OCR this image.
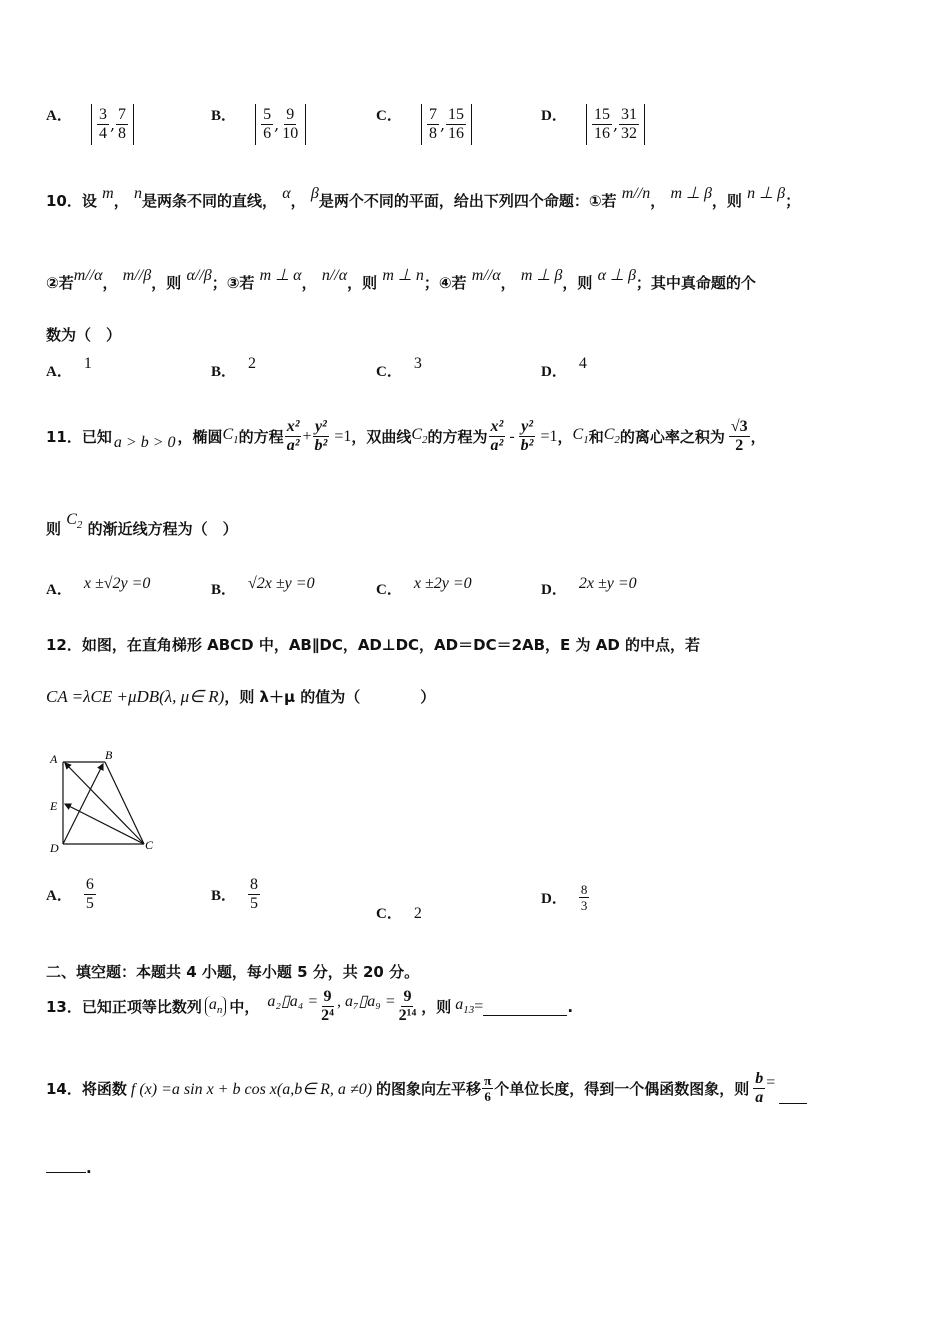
A． $\frac{3}{4}$ , $\frac{7}{8}$	B． $\frac{5}{6}$ , $\frac{9}{10}$	C． $\frac{7}{8}$ , $\frac{15}{16}$	D． $\frac{15}{16}$ , $\frac{31}{32}$
10．设 m， n是两条不同的直线， α， β是两个不同的平面，给出下列四个命题：①若 m//n， m ⊥ β，则 n ⊥ β；
②若m//α， m//β，则 α//β；③若 m ⊥ α， n//α，则 m ⊥ n；④若 m//α， m ⊥ β，则 α ⊥ β；其中真命题的个
数为（　）
A． 1	B． 2	C． 3	D． 4
11． 已知 a > b > 0 ，椭圆 $C_1$ 的方程 $\frac{\text{x²}}{\text{a²}} + \frac{\text{y²}}{\text{b²}} =1$ ，双曲线 $C_2$ 的方程为 $\frac{\text{x²}}{\text{a²}} - \frac{\text{y²}}{\text{b²}} =1$ ， $C_1$ 和 $C_2$ 的离心率之积为 $\frac{√3}{2}$ ，
则 $C_2$ 的渐近线方程为（　）
A． x ±√2y =0	B． √2x ±y =0	C． x ±2y =0	D． 2x ±y =0
12．如图，在直角梯形 ABCD 中，AB∥DC，AD⊥DC，AD＝DC＝2AB，E 为 AD 的中点，若
CA =λCE +μDB(λ, μ∈ R)，则 λ＋μ 的值为（　　　　）
A	B
C
D
E
A． $\frac{6}{5}$	B． $\frac{8}{5}$
C． 2
D． $\frac{8}{3}$
二、填空题：本题共 4 小题，每小题 5 分，共 20 分。
13． 已知正项等比数列 $a_n$ 中， a₂▯a₄ = $\frac{9}{\text{2⁴}}$ , a₇▯a₉ = $\frac{9}{\text{2¹⁴}}$ ，则 $a_{13}$ =	.
14． 将函数 f (x) =a sin x + b cos x(a,b∈ R, a ≠0) 的图象向左平移 $\frac{\pi}{6}$ 个单位长度，得到一个偶函数图象，则 $\frac{b}{a}$ =
.
